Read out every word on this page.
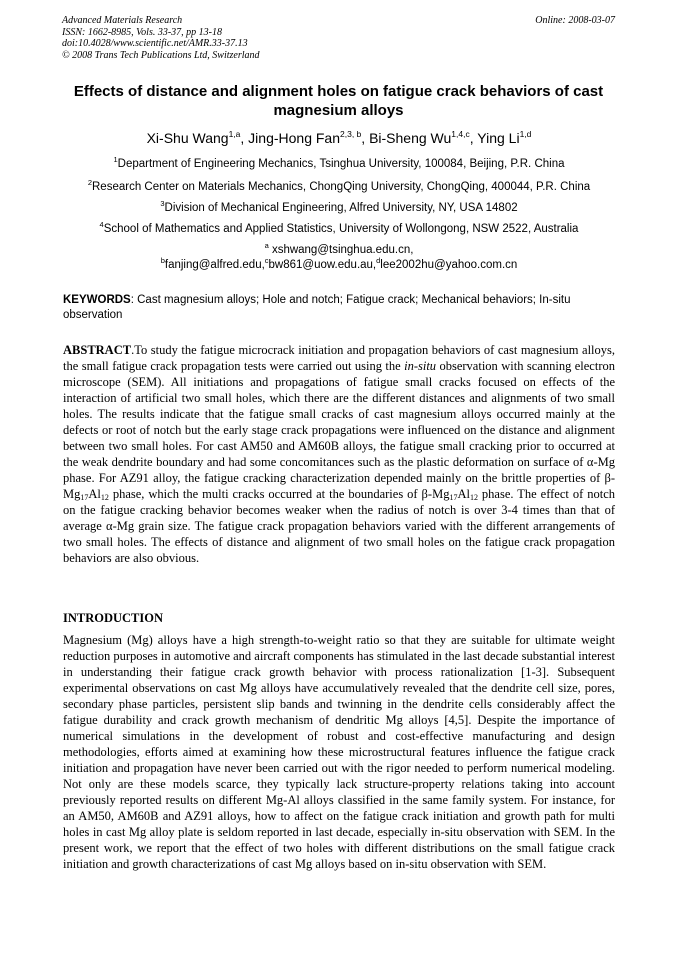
Advanced Materials Research
ISSN: 1662-8985, Vols. 33-37, pp 13-18
doi:10.4028/www.scientific.net/AMR.33-37.13
© 2008 Trans Tech Publications Ltd, Switzerland
Online: 2008-03-07
Effects of distance and alignment holes on fatigue crack behaviors of cast magnesium alloys
Xi-Shu Wang$^{1,a}$, Jing-Hong Fan$^{2,3, b}$, Bi-Sheng Wu$^{1,4,c}$, Ying Li$^{1,d}$
$^1$Department of Engineering Mechanics, Tsinghua University, 100084, Beijing, P.R. China
$^2$Research Center on Materials Mechanics, ChongQing University, ChongQing, 400044, P.R. China
$^3$Division of Mechanical Engineering, Alfred University, NY, USA 14802
$^4$School of Mathematics and Applied Statistics, University of Wollongong, NSW 2522, Australia
$^a$ xshwang@tsinghua.edu.cn,
$^b$fanjing@alfred.edu,$^c$bw861@uow.edu.au,$^d$lee2002hu@yahoo.com.cn
KEYWORDS: Cast magnesium alloys; Hole and notch; Fatigue crack; Mechanical behaviors; In-situ observation
ABSTRACT.To study the fatigue microcrack initiation and propagation behaviors of cast magnesium alloys, the small fatigue crack propagation tests were carried out using the in-situ observation with scanning electron microscope (SEM). All initiations and propagations of fatigue small cracks focused on effects of the interaction of artificial two small holes, which there are the different distances and alignments of two small holes. The results indicate that the fatigue small cracks of cast magnesium alloys occurred mainly at the defects or root of notch but the early stage crack propagations were influenced on the distance and alignment between two small holes. For cast AM50 and AM60B alloys, the fatigue small cracking prior to occurred at the weak dendrite boundary and had some concomitances such as the plastic deformation on surface of α-Mg phase. For AZ91 alloy, the fatigue cracking characterization depended mainly on the brittle properties of $\beta-Mg_{17}Al_{12}$ phase, which the multi cracks occurred at the boundaries of $\beta-Mg_{17}Al_{12}$ phase. The effect of notch on the fatigue cracking behavior becomes weaker when the radius of notch is over 3-4 times than that of average α-Mg grain size. The fatigue crack propagation behaviors varied with the different arrangements of two small holes. The effects of distance and alignment of two small holes on the fatigue crack propagation behaviors are also obvious.
INTRODUCTION
Magnesium (Mg) alloys have a high strength-to-weight ratio so that they are suitable for ultimate weight reduction purposes in automotive and aircraft components has stimulated in the last decade substantial interest in understanding their fatigue crack growth behavior with process rationalization [1-3]. Subsequent experimental observations on cast Mg alloys have accumulatively revealed that the dendrite cell size, pores, secondary phase particles, persistent slip bands and twinning in the dendrite cells considerably affect the fatigue durability and crack growth mechanism of dendritic Mg alloys [4,5]. Despite the importance of numerical simulations in the development of robust and cost-effective manufacturing and design methodologies, efforts aimed at examining how these microstructural features influence the fatigue crack initiation and propagation have never been carried out with the rigor needed to perform numerical modeling. Not only are these models scarce, they typically lack structure-property relations taking into account previously reported results on different Mg-Al alloys classified in the same family system. For instance, for an AM50, AM60B and AZ91 alloys, how to affect on the fatigue crack initiation and growth path for multi holes in cast Mg alloy plate is seldom reported in last decade, especially in-situ observation with SEM. In the present work, we report that the effect of two holes with different distributions on the small fatigue crack initiation and growth characterizations of cast Mg alloys based on in-situ observation with SEM.
